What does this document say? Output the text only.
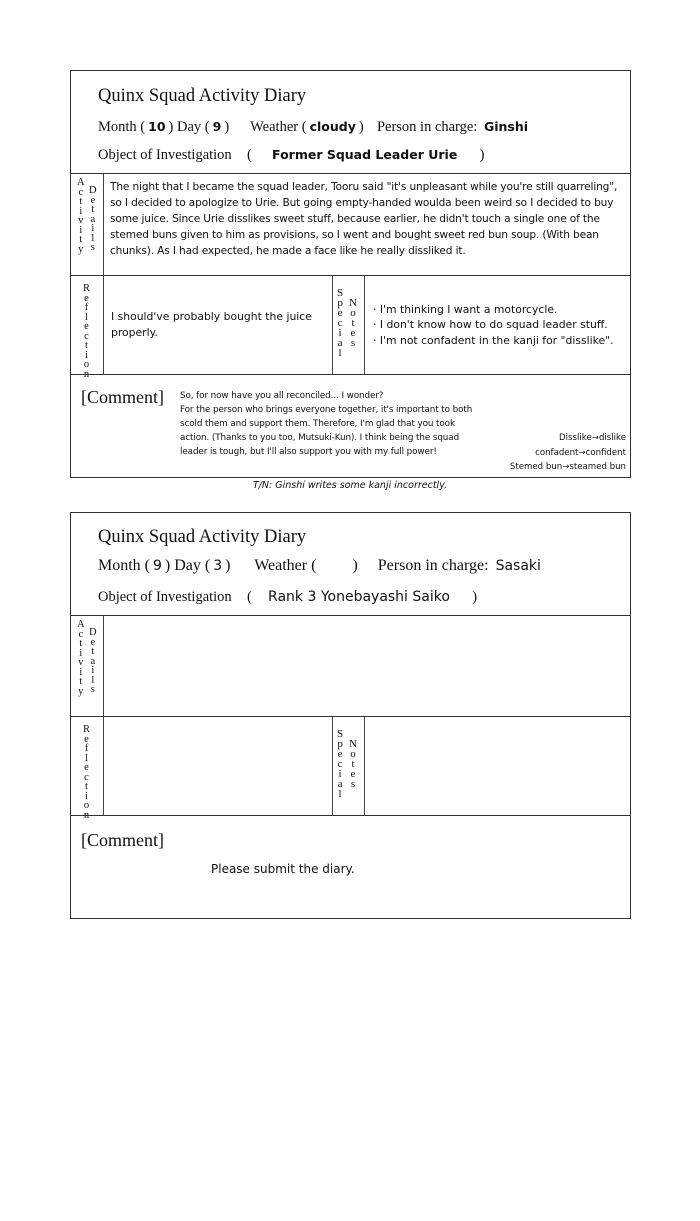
Quinx Squad Activity Diary
Month ( 10 ) Day ( 9 ) Weather ( cloudy ) Person in charge: Ginshi
Object of Investigation ( Former Squad Leader Urie )
A
c
t
i
v
i
t
y
D
e
t
a
i
l
s
The night that I became the squad leader, Tooru said "it's unpleasant while you're still quarreling", so I decided to apologize to Urie. But going empty-handed woulda been weird so I decided to buy some juice. Since Urie disslikes sweet stuff, because earlier, he didn't touch a single one of the stemed buns given to him as provisions, so I went and bought sweet red bun soup. (With bean chunks). As I had expected, he made a face like he really dissliked it.
R
e
f
l
e
c
t
i
o
n
I should've probably bought the juice properly.
S
p
e
c
i
a
l
N
o
t
e
s
· I'm thinking I want a motorcycle.
· I don't know how to do squad leader stuff.
· I'm not confadent in the kanji for "disslike".
[Comment] So, for now have you all reconciled... I wonder?
For the person who brings everyone together, it's important to both
scold them and support them. Therefore, I'm glad that you took
action. (Thanks to you too, Mutsuki-Kun). I think being the squad
leader is tough, but I'll also support you with my full power!
Disslike→dislike
confadent→confident
Stemed bun→steamed bun
T/N: Ginshi writes some kanji incorrectly.
Quinx Squad Activity Diary
Month ( 9 ) Day ( 3 ) Weather ( ) Person in charge: Sasaki
Object of Investigation ( Rank 3 Yonebayashi Saiko )
A
c
t
i
v
i
t
y
D
e
t
a
i
l
s
R
e
f
l
e
c
t
i
o
n
S
p
e
c
i
a
l
N
o
t
e
s
[Comment]
Please submit the diary.
